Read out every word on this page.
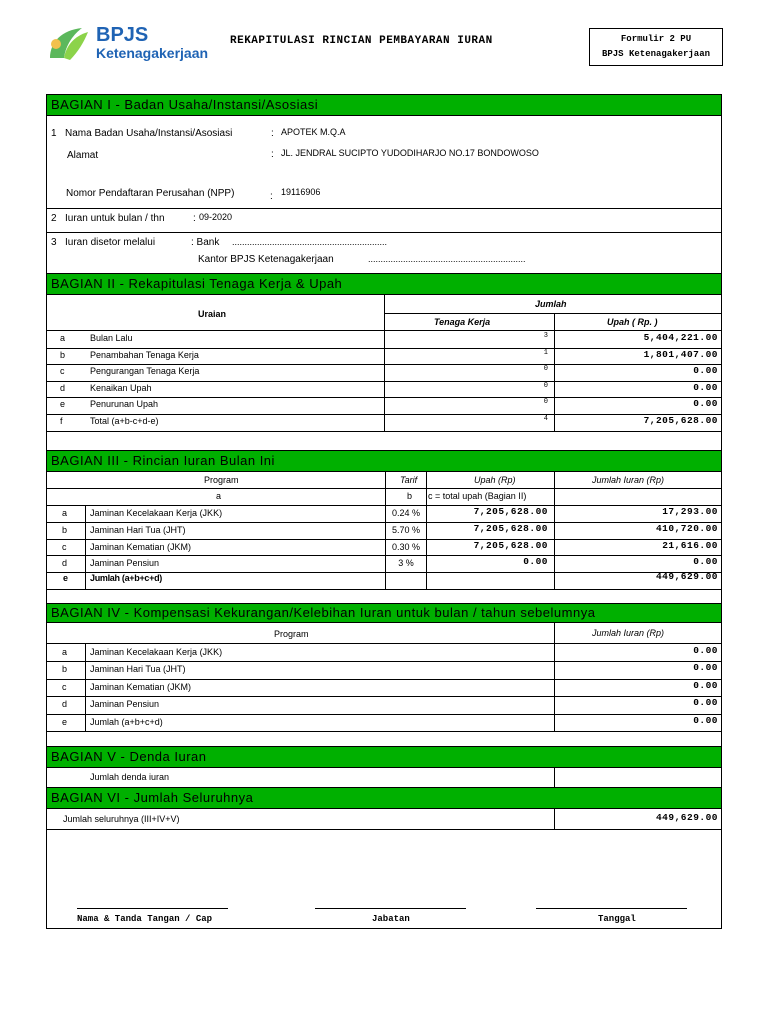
BPJS
Ketenagakerjaan
REKAPITULASI RINCIAN PEMBAYARAN IURAN	Formulir 2 PU
BPJS Ketenagakerjaan
BAGIAN I - Badan Usaha/Instansi/Asosiasi
1 Nama Badan Usaha/Instansi/Asosiasi	: APOTEK M.Q.A
Alamat	: JL. JENDRAL SUCIPTO YUDODIHARJO NO.17 BONDOWOSO
Nomor Pendaftaran Perusahan (NPP)	: 19116906
2 Iuran untuk bulan / thn	: 09-2020
3 Iuran disetor melalui	: Bank ..............................................................
Kantor BPJS Ketenagakerjaan	...............................................................
BAGIAN II - Rekapitulasi Tenaga Kerja & Upah
Uraian
Jumlah
Tenaga Kerja	Upah ( Rp. )
a	Bulan Lalu	3	5,404,221.00
b	Penambahan Tenaga Kerja	1	1,801,407.00
c	Pengurangan Tenaga Kerja	0	0.00
d	Kenaikan Upah	0	0.00
e	Penurunan Upah	0	0.00
f	Total (a+b-c+d-e)	4	7,205,628.00
BAGIAN III - Rincian Iuran Bulan Ini
Program	Tarif	Upah (Rp)	Jumlah Iuran (Rp)
a	b c = total upah (Bagian II)
a	Jaminan Kecelakaan Kerja (JKK)	0.24 %	7,205,628.00	17,293.00
b	Jaminan Hari Tua (JHT)	5.70 %	7,205,628.00	410,720.00
c	Jaminan Kematian (JKM)	0.30 %	7,205,628.00	21,616.00
d	Jaminan Pensiun	3 %	0.00	0.00
e Jumlah (a+b+c+d)	449,629.00
BAGIAN IV - Kompensasi Kekurangan/Kelebihan Iuran untuk bulan / tahun sebelumnya
Program	Jumlah Iuran (Rp)
a	Jaminan Kecelakaan Kerja (JKK)	0.00
b	Jaminan Hari Tua (JHT)	0.00
c	Jaminan Kematian (JKM)	0.00
d	Jaminan Pensiun	0.00
e	Jumlah (a+b+c+d)	0.00
BAGIAN V - Denda Iuran
Jumlah denda iuran
BAGIAN VI - Jumlah Seluruhnya
Jumlah seluruhnya (III+IV+V)	449,629.00
Nama & Tanda Tangan / Cap	Jabatan	Tanggal
